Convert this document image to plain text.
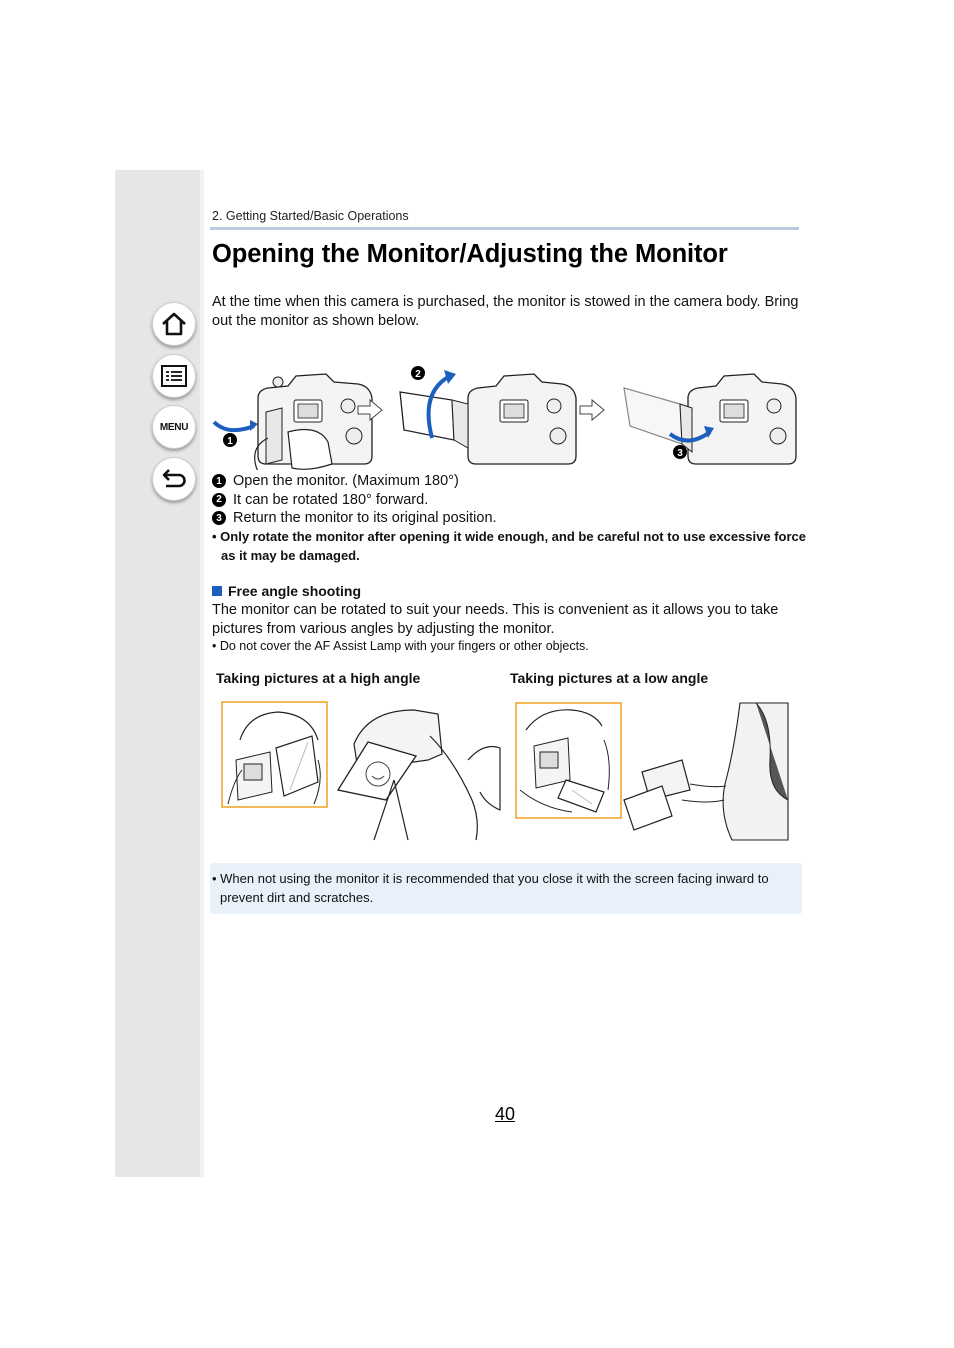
MENU
2. Getting Started/Basic Operations
Opening the Monitor/Adjusting the Monitor

At the time when this camera is purchased, the monitor is stowed in the camera body. Bring out the monitor as shown below.

1
2
3
1 Open the monitor. (Maximum 180°)
2 It can be rotated 180° forward.
3 Return the monitor to its original position.

• Only rotate the monitor after opening it wide enough, and be careful not to use excessive force as it may be damaged.

Free angle shooting

The monitor can be rotated to suit your needs. This is convenient as it allows you to take pictures from various angles by adjusting the monitor.

• Do not cover the AF Assist Lamp with your fingers or other objects.

Taking pictures at a high angle	Taking pictures at a low angle

• When not using the monitor it is recommended that you close it with the screen facing inward to prevent dirt and scratches.

40
